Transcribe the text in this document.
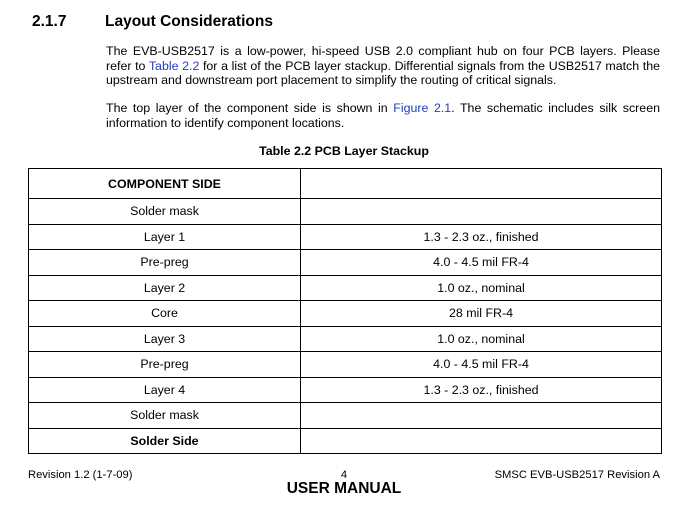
2.1.7	Layout Considerations
The EVB-USB2517 is a low-power, hi-speed USB 2.0 compliant hub on four PCB layers. Please refer to Table 2.2 for a list of the PCB layer stackup. Differential signals from the USB2517 match the upstream and downstream port placement to simplify the routing of critical signals.
The top layer of the component side is shown in Figure 2.1. The schematic includes silk screen information to identify component locations.
Table 2.2 PCB Layer Stackup
COMPONENT SIDE	
Solder mask	
Layer 1	1.3 - 2.3 oz., finished
Pre-preg	4.0 - 4.5 mil FR-4
Layer 2	1.0 oz., nominal
Core	28 mil FR-4
Layer 3	1.0 oz., nominal
Pre-preg	4.0 - 4.5 mil FR-4
Layer 4	1.3 - 2.3 oz., finished
Solder mask	
Solder Side	
Revision 1.2 (1-7-09)	4
USER MANUAL
SMSC EVB-USB2517 Revision A
